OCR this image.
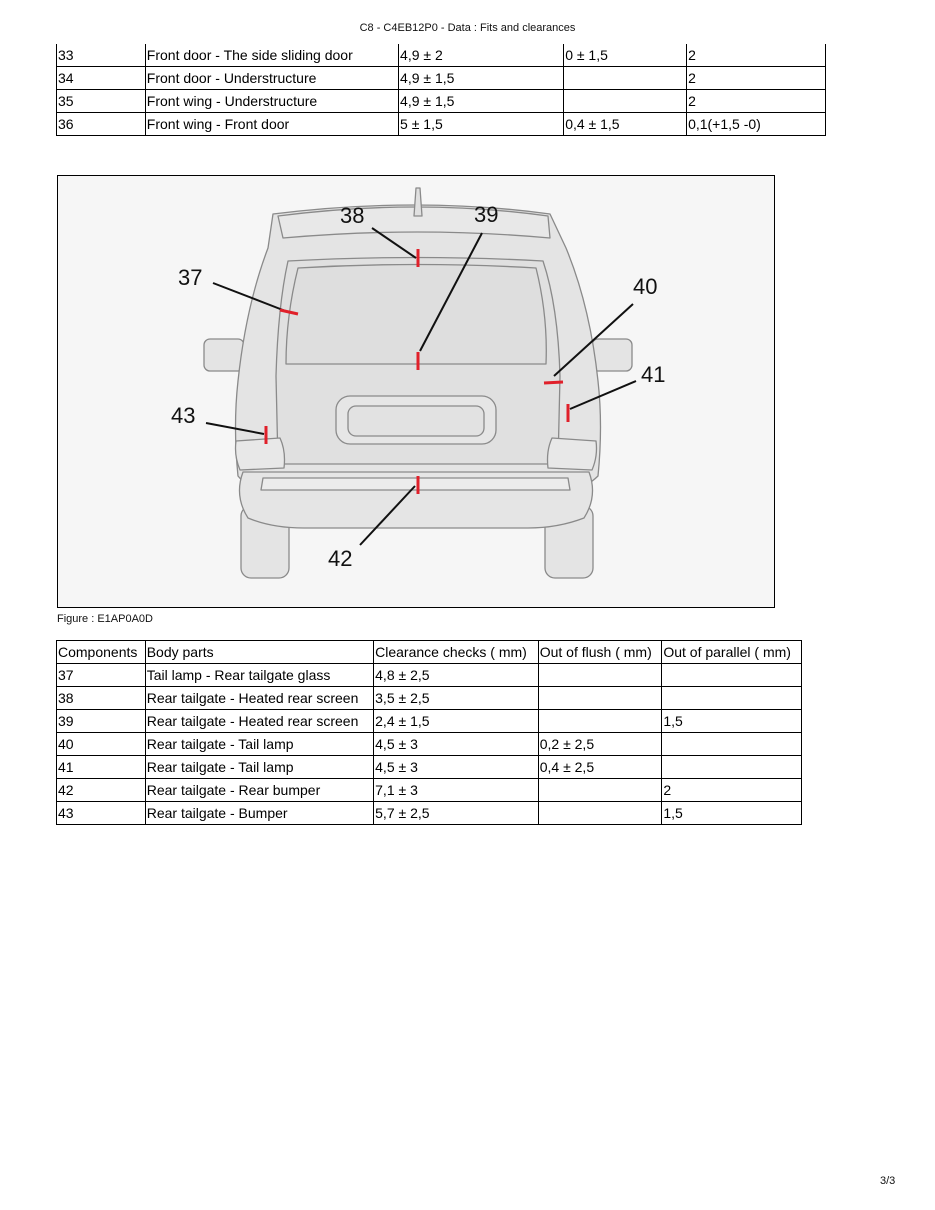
C8 - C4EB12P0 - Data : Fits and clearances
33	Front door - The side sliding door	4,9 ± 2	0 ± 1,5	2
34	Front door - Understructure	4,9 ± 1,5		2
35	Front wing - Understructure	4,9 ± 1,5		2
36	Front wing - Front door	5 ± 1,5	0,4 ± 1,5	0,1(+1,5 -0)
37
38	39
40
41
42
43
Figure : E1AP0A0D
Components	Body parts	Clearance checks ( mm)	Out of flush ( mm)	Out of parallel ( mm)
37	Tail lamp - Rear tailgate glass	4,8 ± 2,5		
38	Rear tailgate - Heated rear screen	3,5 ± 2,5		
39	Rear tailgate - Heated rear screen	2,4 ± 1,5		1,5
40	Rear tailgate - Tail lamp	4,5 ± 3	0,2 ± 2,5	
41	Rear tailgate - Tail lamp	4,5 ± 3	0,4 ± 2,5	
42	Rear tailgate - Rear bumper	7,1 ± 3		2
43	Rear tailgate - Bumper	5,7 ± 2,5		1,5
3/3
